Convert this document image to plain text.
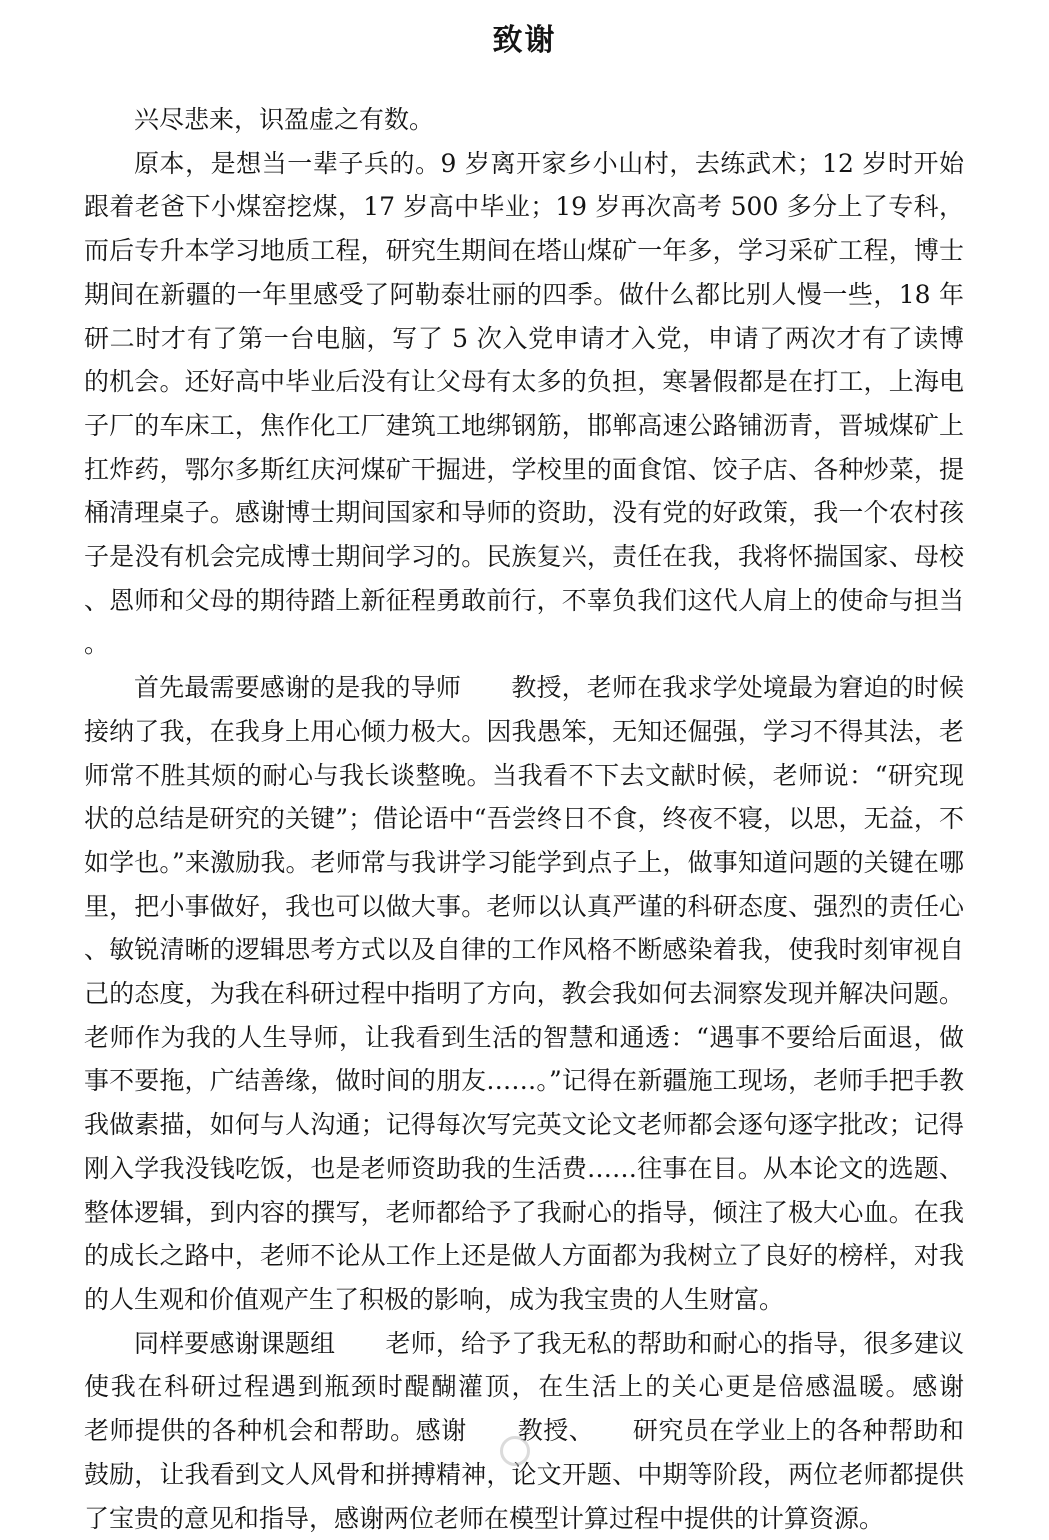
致谢

兴尽悲来，识盈虚之有数。

原本，是想当一辈子兵的。9 岁离开家乡小山村，去练武术；12 岁时开始跟着老爸下小煤窑挖煤，17 岁高中毕业；19 岁再次高考 500 多分上了专科，而后专升本学习地质工程，研究生期间在塔山煤矿一年多，学习采矿工程，博士期间在新疆的一年里感受了阿勒泰壮丽的四季。做什么都比别人慢一些，18 年研二时才有了第一台电脑，写了 5 次入党申请才入党，申请了两次才有了读博的机会。还好高中毕业后没有让父母有太多的负担，寒暑假都是在打工，上海电子厂的车床工，焦作化工厂建筑工地绑钢筋，邯郸高速公路铺沥青，晋城煤矿上扛炸药，鄂尔多斯红庆河煤矿干掘进，学校里的面食馆、饺子店、各种炒菜，提桶清理桌子。感谢博士期间国家和导师的资助，没有党的好政策，我一个农村孩子是没有机会完成博士期间学习的。民族复兴，责任在我，我将怀揣国家、母校、恩师和父母的期待踏上新征程勇敢前行，不辜负我们这代人肩上的使命与担当。

首先最需要感谢的是我的导师　　教授，老师在我求学处境最为窘迫的时候接纳了我，在我身上用心倾力极大。因我愚笨，无知还倔强，学习不得其法，老师常不胜其烦的耐心与我长谈整晚。当我看不下去文献时候，老师说：“研究现状的总结是研究的关键”；借论语中“吾尝终日不食，终夜不寝，以思，无益，不如学也。”来激励我。老师常与我讲学习能学到点子上，做事知道问题的关键在哪里，把小事做好，我也可以做大事。老师以认真严谨的科研态度、强烈的责任心、敏锐清晰的逻辑思考方式以及自律的工作风格不断感染着我，使我时刻审视自己的态度，为我在科研过程中指明了方向，教会我如何去洞察发现并解决问题。老师作为我的人生导师，让我看到生活的智慧和通透：“遇事不要给后面退，做事不要拖，广结善缘，做时间的朋友……。”记得在新疆施工现场，老师手把手教我做素描，如何与人沟通；记得每次写完英文论文老师都会逐句逐字批改；记得刚入学我没钱吃饭，也是老师资助我的生活费……往事在目。从本论文的选题、整体逻辑，到内容的撰写，老师都给予了我耐心的指导，倾注了极大心血。在我的成长之路中，老师不论从工作上还是做人方面都为我树立了良好的榜样，对我的人生观和价值观产生了积极的影响，成为我宝贵的人生财富。

同样要感谢课题组　　老师，给予了我无私的帮助和耐心的指导，很多建议使我在科研过程遇到瓶颈时醍醐灌顶，在生活上的关心更是倍感温暖。感谢　　老师提供的各种机会和帮助。感谢　　教授、　　研究员在学业上的各种帮助和鼓励，让我看到文人风骨和拼搏精神，论文开题、中期等阶段，两位老师都提供了宝贵的意见和指导，感谢两位老师在模型计算过程中提供的计算资源。
